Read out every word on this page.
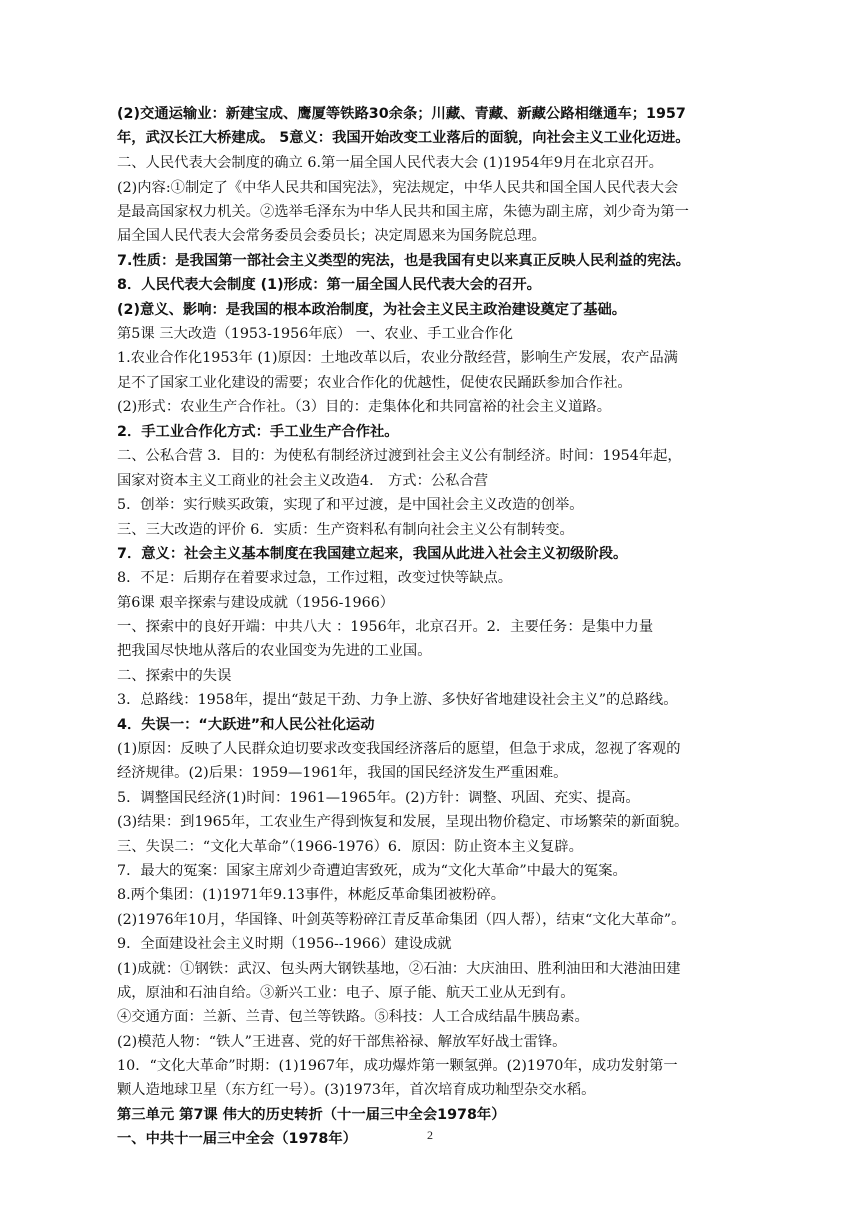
(2)交通运输业：新建宝成、鹰厦等铁路30余条；川藏、青藏、新藏公路相继通车；1957
年，武汉长江大桥建成。 5意义：我国开始改变工业落后的面貌，向社会主义工业化迈进。
二、人民代表大会制度的确立 6.第一届全国人民代表大会 (1)1954年9月在北京召开。
(2)内容:①制定了《中华人民共和国宪法》，宪法规定，中华人民共和国全国人民代表大会
是最高国家权力机关。②选举毛泽东为中华人民共和国主席，朱德为副主席，刘少奇为第一
届全国人民代表大会常务委员会委员长；决定周恩来为国务院总理。
7.性质：是我国第一部社会主义类型的宪法，也是我国有史以来真正反映人民利益的宪法。
8．人民代表大会制度 (1)形成：第一届全国人民代表大会的召开。
(2)意义、影响：是我国的根本政治制度，为社会主义民主政治建设奠定了基础。
第5课 三大改造（1953-1956年底） 一、农业、手工业合作化
1.农业合作化1953年 (1)原因：土地改革以后，农业分散经营，影响生产发展，农产品满
足不了国家工业化建设的需要；农业合作化的优越性，促使农民踊跃参加合作社。
(2)形式：农业生产合作社。（3）目的：走集体化和共同富裕的社会主义道路。
2．手工业合作化方式：手工业生产合作社。
二、公私合营 3．目的：为使私有制经济过渡到社会主义公有制经济。时间：1954年起，
国家对资本主义工商业的社会主义改造4． 方式：公私合营
5．创举：实行赎买政策，实现了和平过渡，是中国社会主义改造的创举。
三、三大改造的评价 6．实质：生产资料私有制向社会主义公有制转变。
7．意义：社会主义基本制度在我国建立起来，我国从此进入社会主义初级阶段。
8．不足：后期存在着要求过急，工作过粗，改变过快等缺点。
第6课 艰辛探索与建设成就（1956-1966）
一、探索中的良好开端：中共八大 ：1956年，北京召开。2．主要任务：是集中力量
把我国尽快地从落后的农业国变为先进的工业国。
二、探索中的失误
3．总路线：1958年，提出“鼓足干劲、力争上游、多快好省地建设社会主义”的总路线。
4．失误一：“大跃进”和人民公社化运动
(1)原因：反映了人民群众迫切要求改变我国经济落后的愿望，但急于求成，忽视了客观的
经济规律。(2)后果：1959—1961年，我国的国民经济发生严重困难。
5．调整国民经济(1)时间：1961—1965年。(2)方针：调整、巩固、充实、提高。
(3)结果：到1965年，工农业生产得到恢复和发展，呈现出物价稳定、市场繁荣的新面貌。
三、失误二：“文化大革命”（1966-1976）6．原因：防止资本主义复辟。
7．最大的冤案：国家主席刘少奇遭迫害致死，成为“文化大革命”中最大的冤案。
8.两个集团：(1)1971年9.13事件，林彪反革命集团被粉碎。
(2)1976年10月，华国锋、叶剑英等粉碎江青反革命集团（四人帮），结束“文化大革命”。
9．全面建设社会主义时期（1956--1966）建设成就
(1)成就：①钢铁：武汉、包头两大钢铁基地，②石油：大庆油田、胜利油田和大港油田建
成，原油和石油自给。③新兴工业：电子、原子能、航天工业从无到有。
④交通方面：兰新、兰青、包兰等铁路。⑤科技：人工合成结晶牛胰岛素。
(2)模范人物：“铁人”王进喜、党的好干部焦裕禄、解放军好战士雷锋。
10．“文化大革命”时期：(1)1967年，成功爆炸第一颗氢弹。(2)1970年，成功发射第一
颗人造地球卫星（东方红一号）。(3)1973年，首次培育成功籼型杂交水稻。
第三单元 第7课 伟大的历史转折（十一届三中全会1978年）
一、中共十一届三中全会（1978年）	2
